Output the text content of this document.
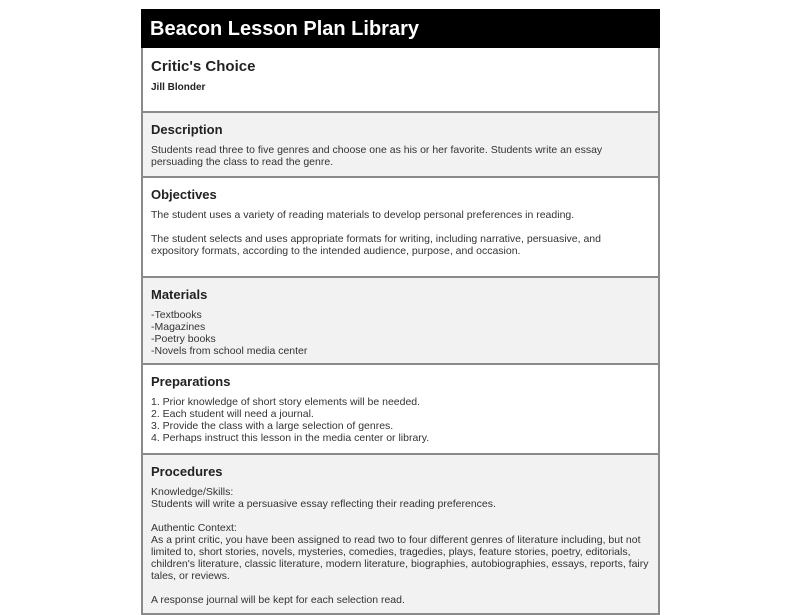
Beacon Lesson Plan Library
Critic's Choice
Jill Blonder
Description

Students read three to five genres and choose one as his or her favorite. Students write an essay persuading the class to read the genre.

Objectives

The student uses a variety of reading materials to develop personal preferences in reading.

The student selects and uses appropriate formats for writing, including narrative, persuasive, and expository formats, according to the intended audience, purpose, and occasion.

Materials

-Textbooks
-Magazines
-Poetry books
-Novels from school media center

Preparations

1. Prior knowledge of short story elements will be needed.
2. Each student will need a journal.
3. Provide the class with a large selection of genres.
4. Perhaps instruct this lesson in the media center or library.

Procedures

Knowledge/Skills:
Students will write a persuasive essay reflecting their reading preferences.

Authentic Context:
As a print critic, you have been assigned to read two to four different genres of literature including, but not limited to, short stories, novels, mysteries, comedies, tragedies, plays, feature stories, poetry, editorials, children's literature, classic literature, modern literature, biographies, autobiographies, essays, reports, fairy tales, or reviews.

A response journal will be kept for each selection read.
